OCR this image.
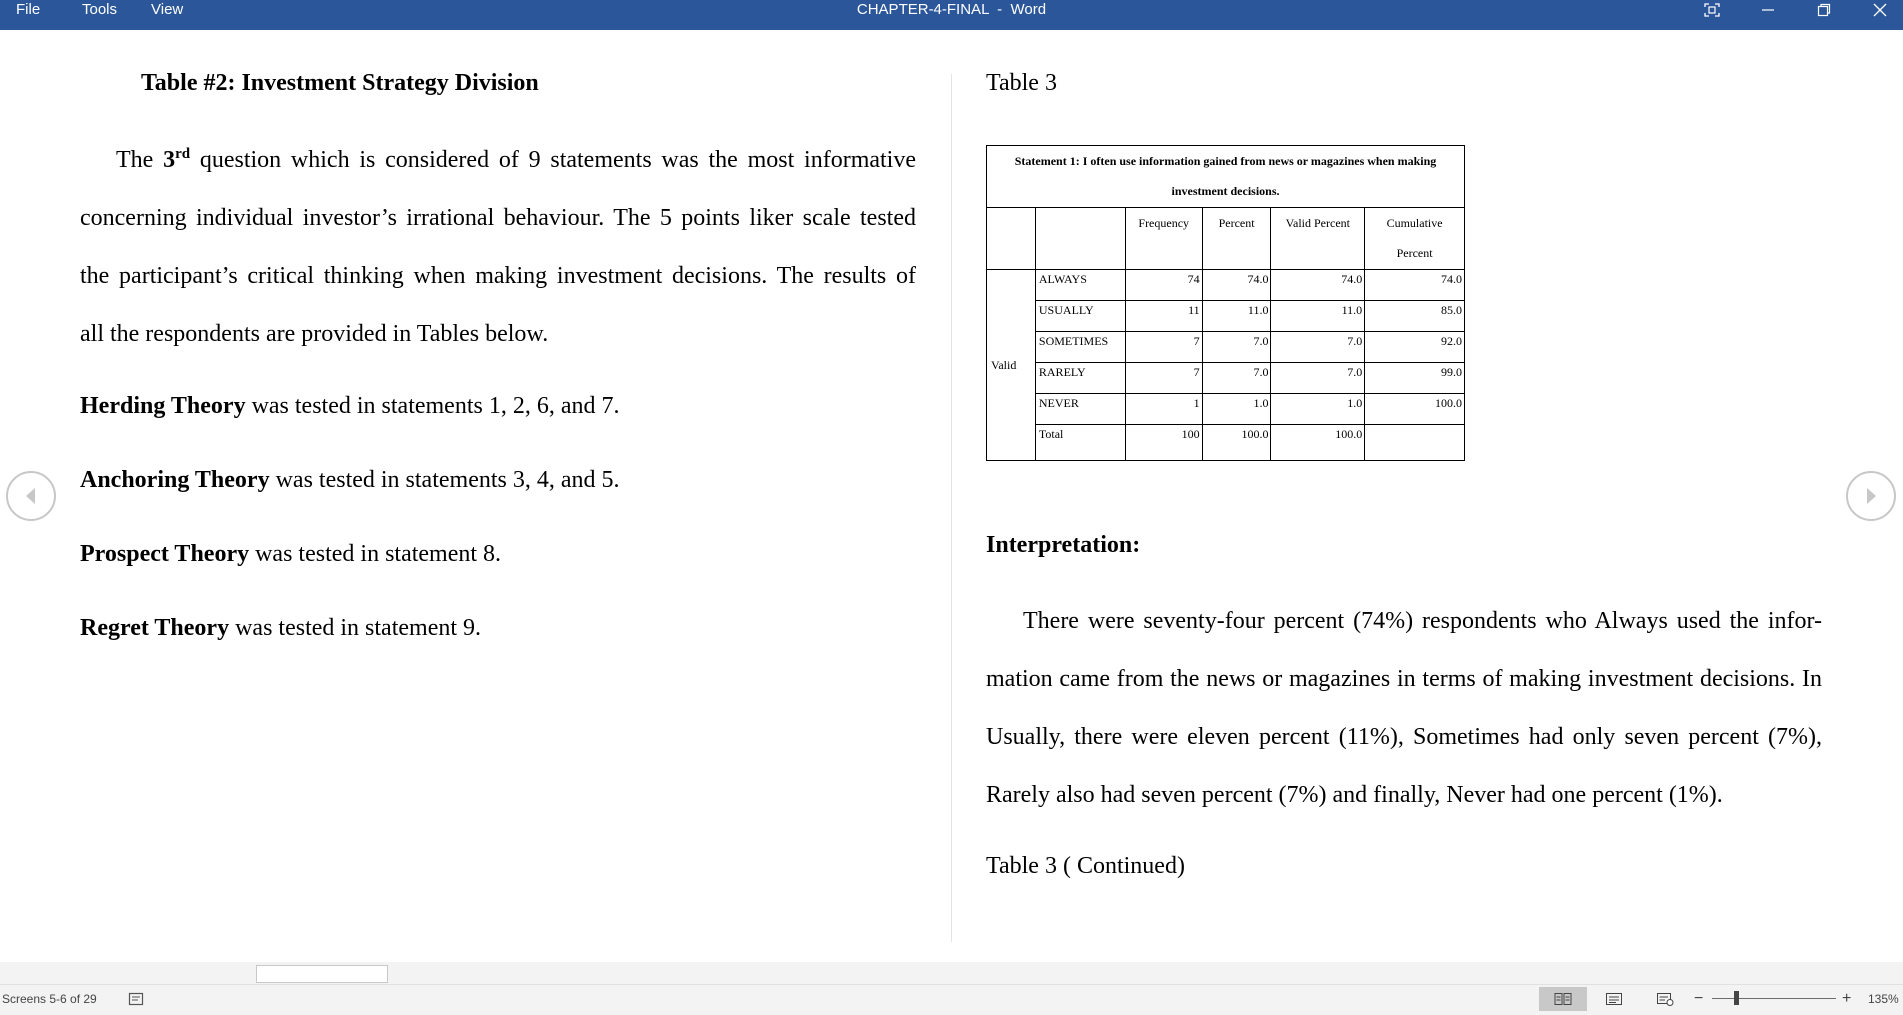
File	Tools View	CHAPTER-4-FINAL  -  Word
Table #2: Investment Strategy Division
The 3rd question which is considered of 9 statements was the most informative
concerning individual investor’s irrational behaviour. The 5 points liker scale tested
the participant’s critical thinking when making investment decisions. The results of
all the respondents are provided in Tables below.
Herding Theory was tested in statements 1, 2, 6, and 7.
Anchoring Theory was tested in statements 3, 4, and 5.
Prospect Theory was tested in statement 8.
Regret Theory was tested in statement 9.
Table 3
Statement 1: I often use information gained from news or magazines when making
investment decisions.					

		Frequency	Percent	Valid Percent	Cumulative
Percent

Valid	ALWAYS	74	74.0	74.0	74.0
	USUALLY	11	11.0	11.0	85.0
	SOMETIMES	7	7.0	7.0	92.0
	RARELY	7	7.0	7.0	99.0
	NEVER	1	1.0	1.0	100.0
	Total	100	100.0	100.0	
Interpretation:
There were seventy-four percent (74%) respondents who Always used the infor-
mation came from the news or magazines in terms of making investment decisions. In
Usually, there were eleven percent (11%), Sometimes had only seven percent (7%),
Rarely also had seven percent (7%) and finally, Never had one percent (1%).
Table 3 ( Continued)
Screens 5-6 of 29	−	+ 135%
